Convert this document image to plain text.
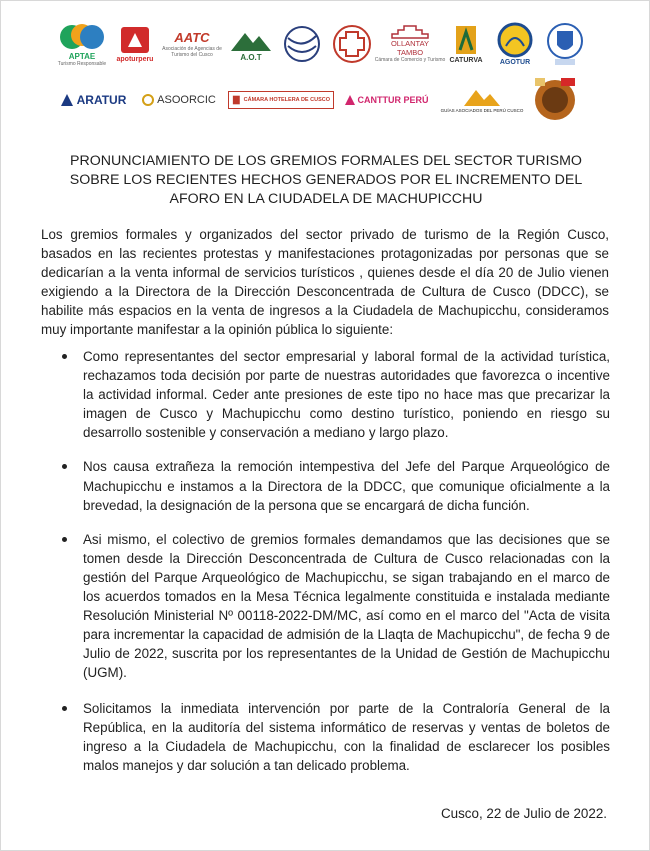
APTAE
Turismo Responsable
apoturperu
AATC
Asociación de Agencias de Turismo del Cusco	A.O.T
OLLANTAY TAMBO
Cámara de Comercio y Turismo CATURVA AGOTUR
ARATUR	ASOORCIC	CÁMARA HOTELERA DE CUSCO	CANTTUR PERÚ
GUÍAS ASOCIADOS DEL PERÚ CUSCO
PRONUNCIAMIENTO DE LOS GREMIOS FORMALES DEL SECTOR TURISMO SOBRE LOS RECIENTES HECHOS GENERADOS POR EL INCREMENTO DEL AFORO EN LA CIUDADELA DE MACHUPICCHU

Los gremios formales y organizados del sector privado de turismo de la Región Cusco, basados en las recientes protestas y manifestaciones protagonizadas por personas que se dedicarían a la venta informal de servicios turísticos , quienes desde el día 20 de Julio vienen exigiendo a la Directora de la Dirección Desconcentrada de Cultura de Cusco (DDCC), se habilite más espacios en la venta de ingresos a la Ciudadela de Machupicchu, consideramos muy importante manifestar a la opinión pública lo siguiente:

Como representantes del sector empresarial y laboral formal de la actividad turística, rechazamos toda decisión por parte de nuestras autoridades que favorezca o incentive la actividad informal. Ceder ante presiones de este tipo no hace mas que precarizar la imagen de Cusco y Machupicchu como destino turístico, poniendo en riesgo su desarrollo sostenible y conservación a mediano y largo plazo.
Nos causa extrañeza la remoción intempestiva del Jefe del Parque Arqueológico de Machupicchu e instamos a la Directora de la DDCC, que comunique oficialmente a la brevedad, la designación de la persona que se encargará de dicha función.
Asi mismo, el colectivo de gremios formales demandamos que las decisiones que se tomen desde la Dirección Desconcentrada de Cultura de Cusco relacionadas con la gestión del Parque Arqueológico de Machupicchu, se sigan trabajando en el marco de los acuerdos tomados en la Mesa Técnica legalmente constituida e instalada mediante Resolución Ministerial Nº 00118-2022-DM/MC, así como en el marco del "Acta de visita para incrementar la capacidad de admisión de la Llaqta de Machupicchu", de fecha 9 de Julio de 2022, suscrita por los representantes de la Unidad de Gestión de Machupicchu (UGM).
Solicitamos la inmediata intervención por parte de la Contraloría General de la República, en la auditoría del sistema informático de reservas y ventas de boletos de ingreso a la Ciudadela de Machupicchu, con la finalidad de esclarecer los posibles malos manejos y dar solución a tan delicado problema.
Cusco, 22 de Julio de 2022.
